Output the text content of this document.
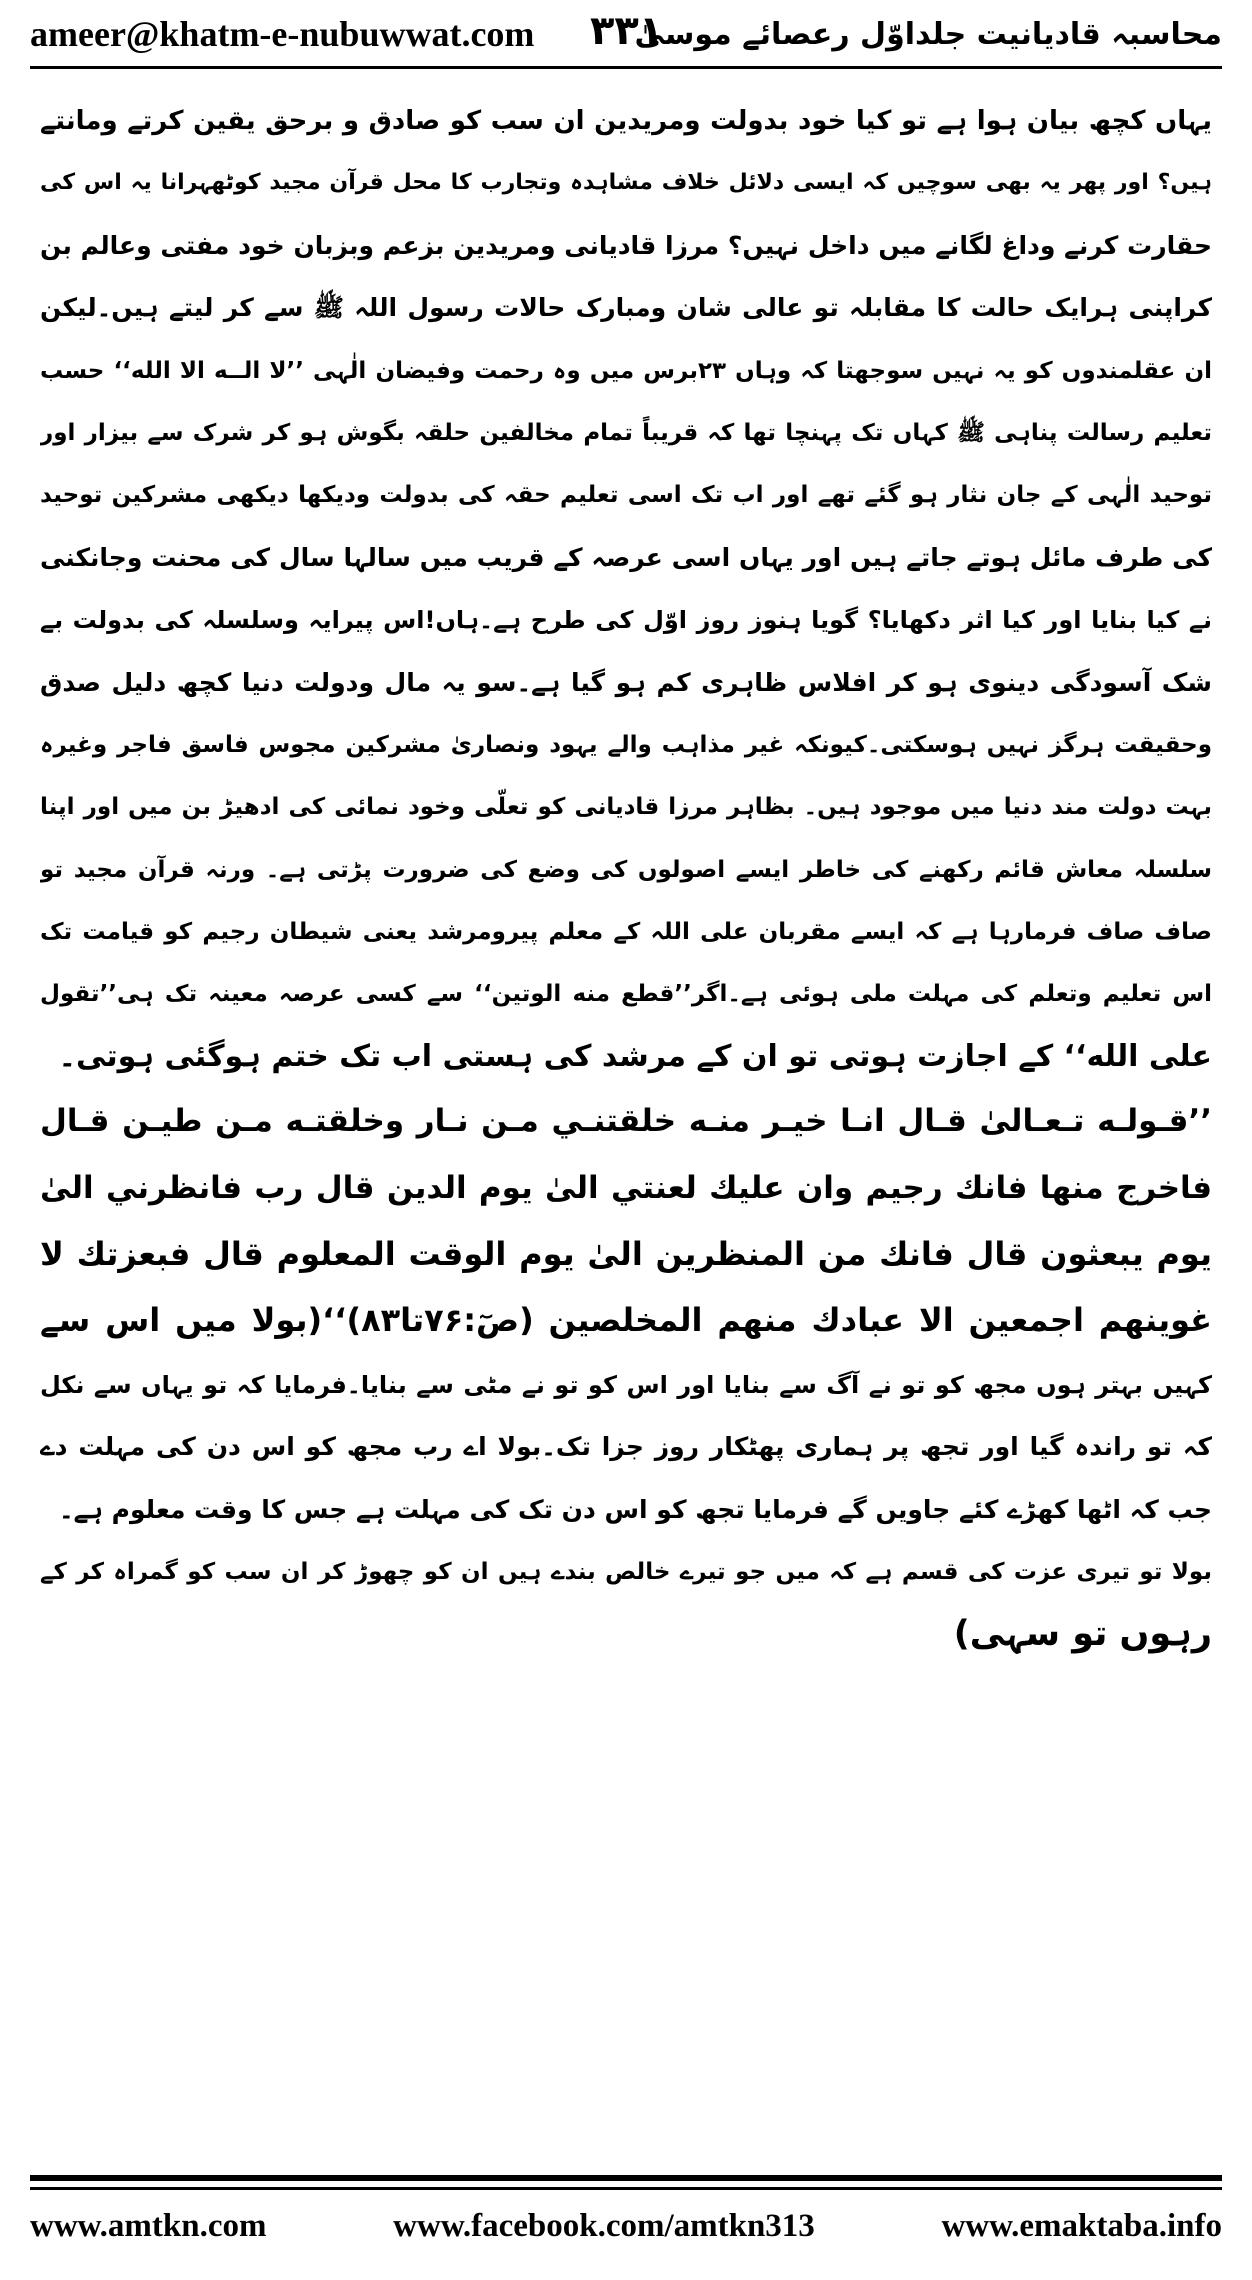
ameer@khatm-e-nubuwwat.com ۳۳۱
محاسبہ قادیانیت جلداوّل رعصائے موسیٰ
یہاں کچھ بیان ہوا ہے تو کیا خود بدولت ومریدین ان سب کو صادق و برحق یقین کرتے ومانتے
ہیں؟ اور پھر یہ بھی سوچیں کہ ایسی دلائل خلاف مشاہدہ وتجارب کا محل قرآن مجید کوٹھہرانا یہ اس کی
حقارت کرنے وداغ لگانے میں داخل نہیں؟ مرزا قادیانی ومریدین بزعم وبزبان خود مفتی وعالم بن
کراپنی ہرایک حالت کا مقابلہ تو عالی شان ومبارک حالات رسول اللہ ﷺ سے کر لیتے ہیں۔لیکن
ان عقلمندوں کو یہ نہیں سوجھتا کہ وہاں ۲۳برس میں وہ رحمت وفیضان الٰہی ’’لا الــه الا الله‘‘ حسب
تعلیم رسالت پناہی ﷺ کہاں تک پہنچا تھا کہ قریباً تمام مخالفین حلقہ بگوش ہو کر شرک سے بیزار اور
توحید الٰہی کے جان نثار ہو گئے تھے اور اب تک اسی تعلیم حقہ کی بدولت ودیکھا دیکھی مشرکین توحید
کی طرف مائل ہوتے جاتے ہیں اور یہاں اسی عرصہ کے قریب میں سالہا سال کی محنت وجانکنی
نے کیا بنایا اور کیا اثر دکھایا؟ گویا ہنوز روز اوّل کی طرح ہے۔ہاں!اس پیرایہ وسلسلہ کی بدولت بے
شک آسودگی دینوی ہو کر افلاس ظاہری کم ہو گیا ہے۔سو یہ مال ودولت دنیا کچھ دلیل صدق
وحقیقت ہرگز نہیں ہوسکتی۔کیونکہ غیر مذاہب والے یہود ونصاریٰ مشرکین مجوس فاسق فاجر وغیرہ
بہت دولت مند دنیا میں موجود ہیں۔ بظاہر مرزا قادیانی کو تعلّی وخود نمائی کی ادھیڑ بن میں اور اپنا
سلسلہ معاش قائم رکھنے کی خاطر ایسے اصولوں کی وضع کی ضرورت پڑتی ہے۔ ورنہ قرآن مجید تو
صاف صاف فرمارہا ہے کہ ایسے مقربان علی اللہ کے معلم پیرومرشد یعنی شیطان رجیم کو قیامت تک
اس تعلیم وتعلم کی مہلت ملی ہوئی ہے۔اگر’’قطع منه الوتين‘‘ سے کسی عرصہ معینہ تک ہی’’تقول
علی الله‘‘ کے اجازت ہوتی تو ان کے مرشد کی ہستی اب تک ختم ہوگئی ہوتی۔
’’قـولـه تـعـالیٰ قـال انـا خيـر منـه خلقتنـي مـن نـار وخلقتـه مـن طيـن قـال
فاخرج منها فانك رجيم وان عليك لعنتي الیٰ يوم الدين قال رب فانظرني الیٰ
يوم يبعثون قال فانك من المنظرين الیٰ يوم الوقت المعلوم قال فبعزتك لا
غوينهم اجمعين الا عبادك منهم المخلصين (صٓ:۷۶تا۸۳)‘‘(بولا میں اس سے
کہیں بہتر ہوں مجھ کو تو نے آگ سے بنایا اور اس کو تو نے مٹی سے بنایا۔فرمایا کہ تو یہاں سے نکل
کہ تو راندہ گیا اور تجھ پر ہماری پھٹکار روز جزا تک۔بولا اے رب مجھ کو اس دن کی مہلت دے
جب کہ اٹھا کھڑے کئے جاویں گے فرمایا تجھ کو اس دن تک کی مہلت ہے جس کا وقت معلوم ہے۔
بولا تو تیری عزت کی قسم ہے کہ میں جو تیرے خالص بندے ہیں ان کو چھوڑ کر ان سب کو گمراہ کر کے
رہوں تو سہی)
www.amtkn.com	www.facebook.com/amtkn313	www.emaktaba.info
